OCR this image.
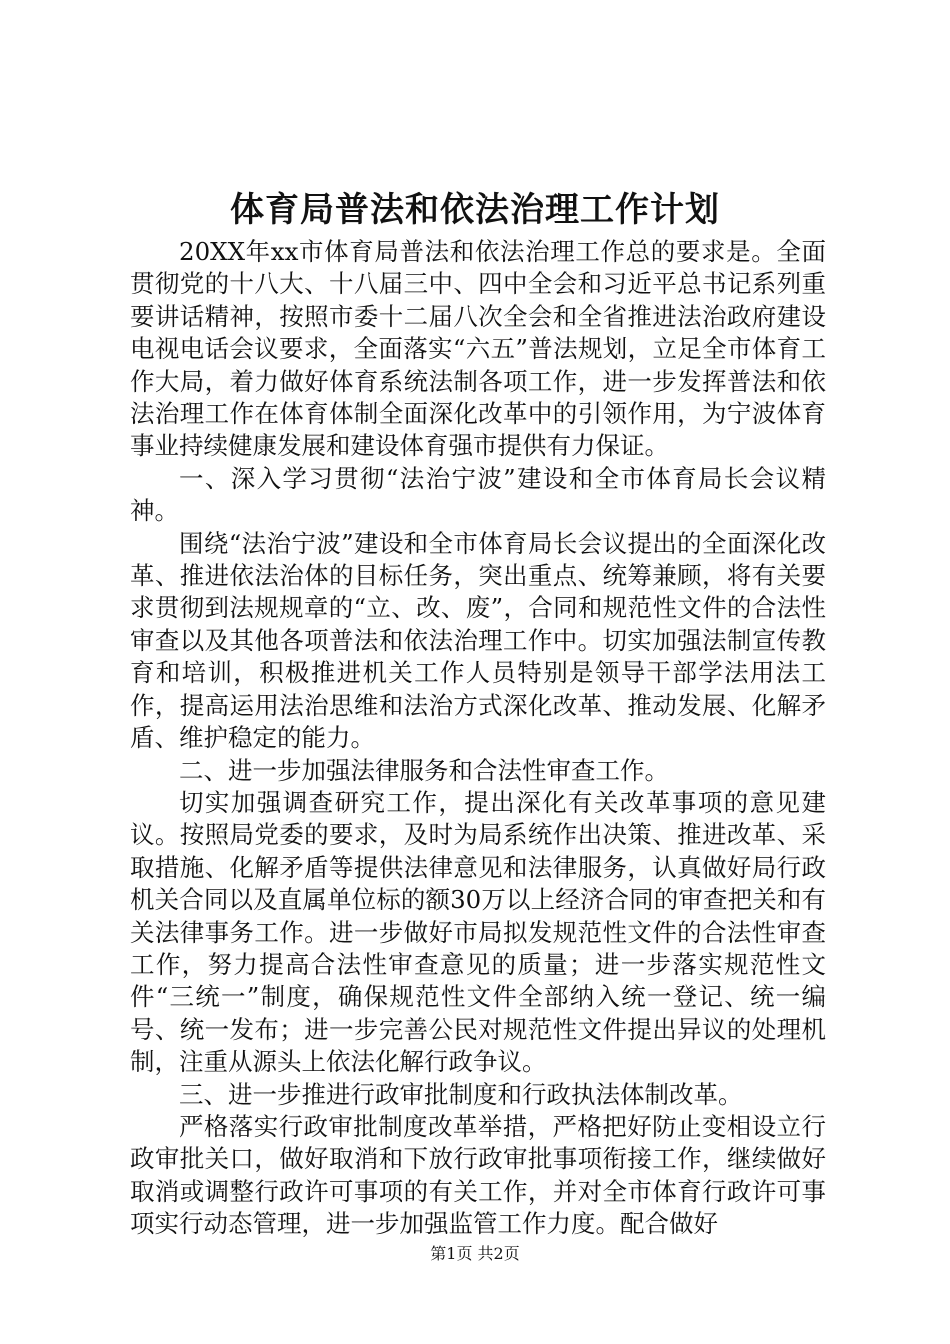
体育局普法和依法治理工作计划

20XX年xx市体育局普法和依法治理工作总的要求是。全面贯彻党的十八大、十八届三中、四中全会和习近平总书记系列重要讲话精神，按照市委十二届八次全会和全省推进法治政府建设电视电话会议要求，全面落实“六五”普法规划，立足全市体育工作大局，着力做好体育系统法制各项工作，进一步发挥普法和依法治理工作在体育体制全面深化改革中的引领作用，为宁波体育事业持续健康发展和建设体育强市提供有力保证。

一、深入学习贯彻“法治宁波”建设和全市体育局长会议精神。

围绕“法治宁波”建设和全市体育局长会议提出的全面深化改革、推进依法治体的目标任务，突出重点、统筹兼顾，将有关要求贯彻到法规规章的“立、改、废”，合同和规范性文件的合法性审查以及其他各项普法和依法治理工作中。切实加强法制宣传教育和培训，积极推进机关工作人员特别是领导干部学法用法工作，提高运用法治思维和法治方式深化改革、推动发展、化解矛盾、维护稳定的能力。

二、进一步加强法律服务和合法性审查工作。

切实加强调查研究工作，提出深化有关改革事项的意见建议。按照局党委的要求，及时为局系统作出决策、推进改革、采取措施、化解矛盾等提供法律意见和法律服务，认真做好局行政机关合同以及直属单位标的额30万以上经济合同的审查把关和有关法律事务工作。进一步做好市局拟发规范性文件的合法性审查工作，努力提高合法性审查意见的质量；进一步落实规范性文件“三统一”制度，确保规范性文件全部纳入统一登记、统一编号、统一发布；进一步完善公民对规范性文件提出异议的处理机制，注重从源头上依法化解行政争议。

三、进一步推进行政审批制度和行政执法体制改革。

严格落实行政审批制度改革举措，严格把好防止变相设立行政审批关口，做好取消和下放行政审批事项衔接工作，继续做好取消或调整行政许可事项的有关工作，并对全市体育行政许可事项实行动态管理，进一步加强监管工作力度。配合做好

第1页 共2页
